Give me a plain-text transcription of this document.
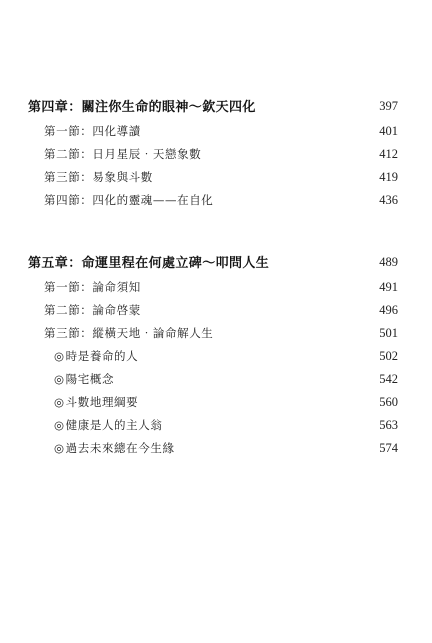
第四章：關注你生命的眼神～欽天四化	397
第一節：四化導讀	401
第二節：日月星辰‧天戀象數	412
第三節：易象與斗數	419
第四節：四化的靈魂——在自化	436
第五章：命運里程在何處立碑～叩問人生	489
第一節：論命須知	491
第二節：論命啓蒙	496
第三節：縱橫天地‧論命解人生	501
◎時是養命的人	502
◎陽宅概念	542
◎斗數地理綱要	560
◎健康是人的主人翁	563
◎過去未來總在今生緣	574
